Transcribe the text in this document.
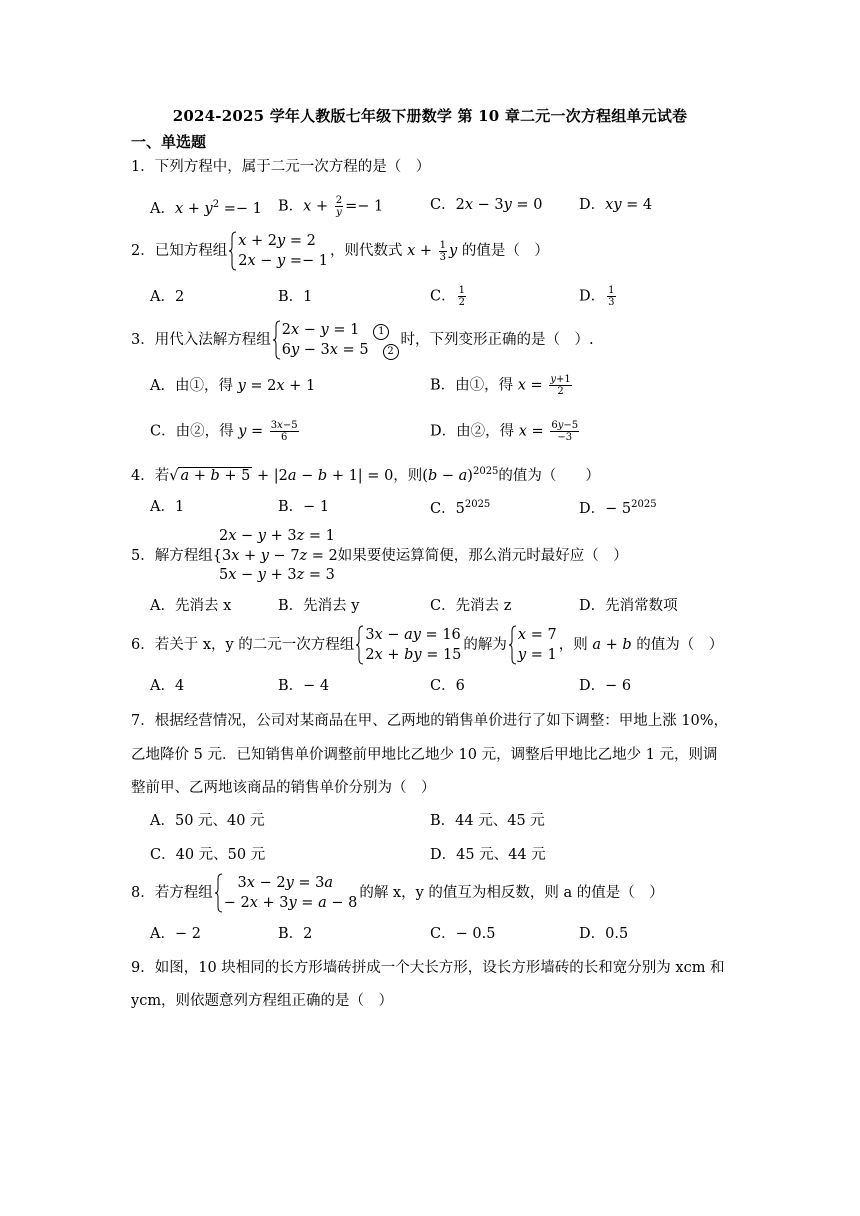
2024-2025 学年人教版七年级下册数学 第 10 章二元一次方程组单元试卷
一、单选题
1．下列方程中，属于二元一次方程的是（　）
A．$x + y^2 =- 1$ B．$x + \frac{2}{y} =- 1$	C．2x − 3y = 0	D．xy = 4
2．已知方程组
x + 2y = 2
2x − y =− 1
，则代数式 $x + \frac{1}{3}$ y 的值是（　）
A．2	B．1	C． $\frac{1}{2}$	D． $\frac{1}{3}$
3．用代入法解方程组
2x − y = 1 1
6y − 3x = 5 2
时，下列变形正确的是（　）.
A．由①，得 y = 2x + 1	B．由①，得 $x = \frac{y+1}{2}$
C．由②，得 $y = \frac{3x-5}{6}$	D．由②，得 $x = \frac{6y-5}{-3}$
4．若√ a + b + 5 + |2a − b + 1| = 0，则$(b - a)^{2025}$的值为（　　）
A．1	B．− 1	C．$5^{2025}$	D．− $5^{2025}$
2x − y + 3z = 1
5．解方程组{3x + y − 7z = 2如果要使运算简便，那么消元时最好应（　）
5x − y + 3z = 3
A．先消去 x	B．先消去 y	C．先消去 z	D．先消常数项
6．若关于 x，y 的二元一次方程组
3x − ay = 16
2x + by = 15
的解为
x = 7
y = 1
，则 a + b 的值为（　）
A．4	B．− 4	C．6	D．− 6
7．根据经营情况，公司对某商品在甲、乙两地的销售单价进行了如下调整：甲地上涨 10%，
乙地降价 5 元．已知销售单价调整前甲地比乙地少 10 元，调整后甲地比乙地少 1 元，则调
整前甲、乙两地该商品的销售单价分别为（　）
A．50 元、40 元	B．44 元、45 元
C．40 元、50 元	D．45 元、44 元
8．若方程组
3x − 2y = 3a
− 2x + 3y = a − 8
的解 x，y 的值互为相反数，则 a 的值是（　）
A．− 2	B．2	C．− 0.5	D．0.5
9．如图，10 块相同的长方形墙砖拼成一个大长方形，设长方形墙砖的长和宽分别为 xcm 和
ycm，则依题意列方程组正确的是（　）
